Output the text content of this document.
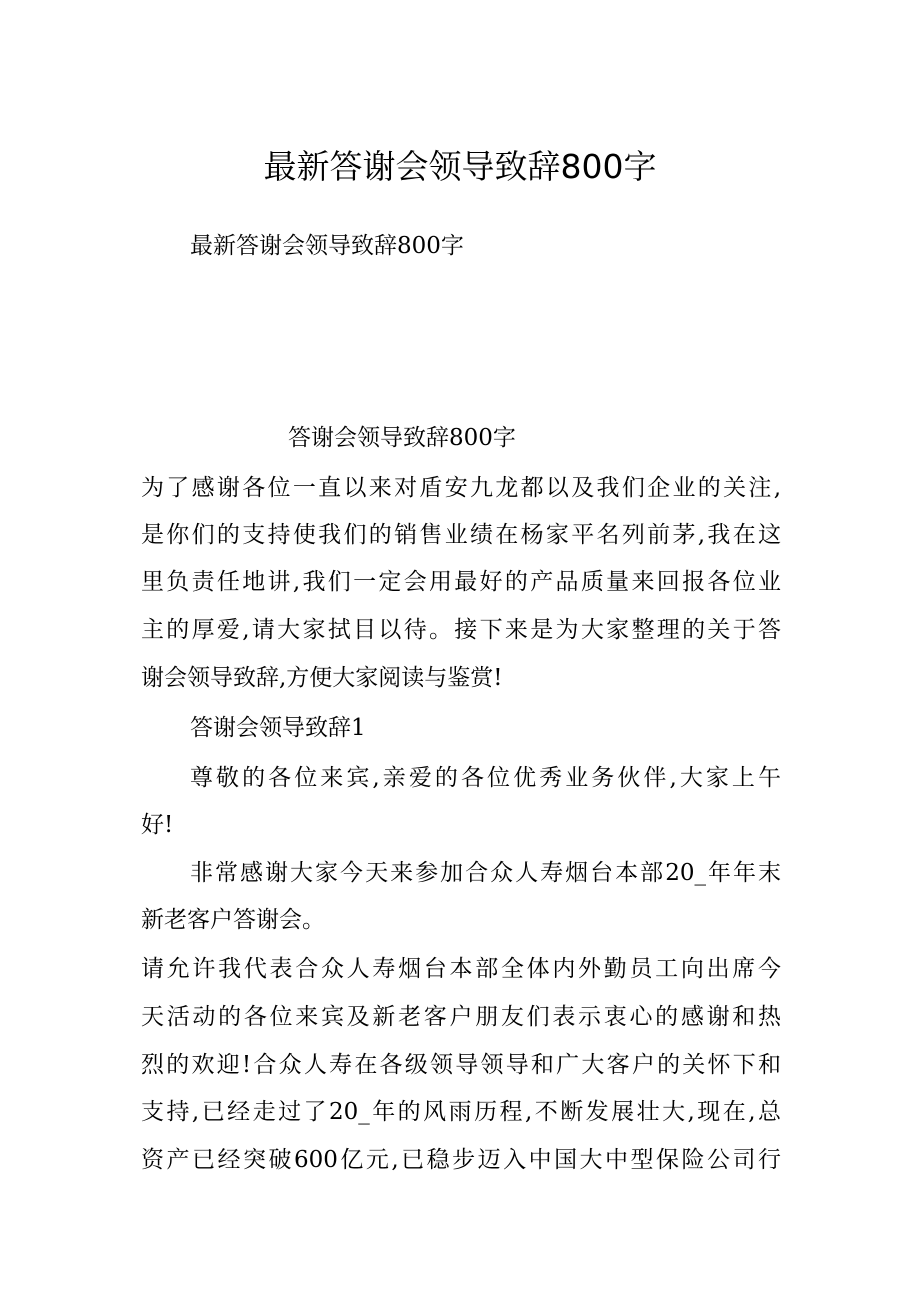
最新答谢会领导致辞800字
最新答谢会领导致辞800字
答谢会领导致辞800字
为了感谢各位一直以来对盾安九龙都以及我们企业的关注,
是你们的支持使我们的销售业绩在杨家平名列前茅,我在这
里负责任地讲,我们一定会用最好的产品质量来回报各位业
主的厚爱,请大家拭目以待。接下来是为大家整理的关于答
谢会领导致辞,方便大家阅读与鉴赏!
答谢会领导致辞1
尊敬的各位来宾,亲爱的各位优秀业务伙伴,大家上午
好!
非常感谢大家今天来参加合众人寿烟台本部20_年年末
新老客户答谢会。
请允许我代表合众人寿烟台本部全体内外勤员工向出席今
天活动的各位来宾及新老客户朋友们表示衷心的感谢和热
烈的欢迎!合众人寿在各级领导领导和广大客户的关怀下和
支持,已经走过了20_年的风雨历程,不断发展壮大,现在,总
资产已经突破600亿元,已稳步迈入中国大中型保险公司行
